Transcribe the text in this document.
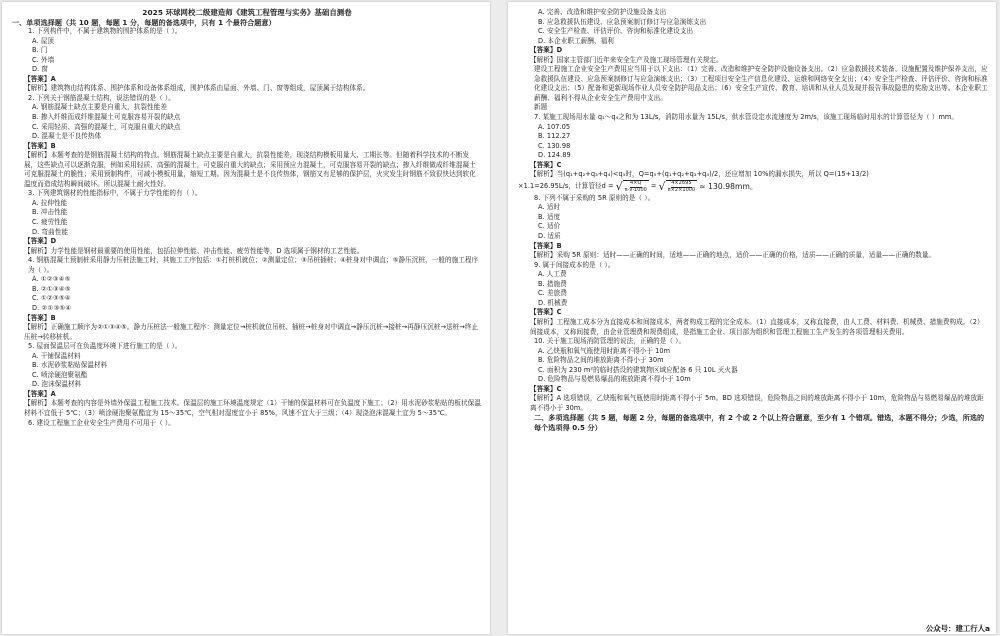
2025 环球网校二级建造师《建筑工程管理与实务》基础自测卷
一、单项选择题（共 10 题，每题 1 分，每题的备选项中，只有 1 个最符合题意）
1. 下列构件中，不属于建筑物的围护体系的是（ ）。
A. 屋顶
B. 门
C. 外墙
D. 窗
【答案】A
【解析】建筑物由结构体系、围护体系和设备体系组成，围护体系由屋面、外墙、门、窗等组成，屋顶属于结构体系。
2. 下列关于钢筋混凝土结构，说法错误的是（ ）。
A. 钢筋混凝土缺点主要是自重大，抗裂性能差
B. 掺入纤维而成纤维混凝土可克服容易开裂的缺点
C. 采用轻质、高强的混凝土，可克服自重大的缺点
D. 混凝土是不良传热体
【答案】B
【解析】本题考查的是钢筋混凝土结构的特点。钢筋混凝土缺点主要是自重大，抗裂性能差，现浇结构模板用量大、工期长等。但随着科学技术的不断发展，这些缺点可以逐渐克服，例如采用轻质、高强的混凝土，可克服自重大的缺点；采用预应力混凝土，可克服容易开裂的缺点；掺入纤维做成纤维混凝土可克服混凝土的脆性；采用预制构件，可减小模板用量，缩短工期。因为混凝土是不良传热体，钢筋又有足够的保护层，火灾发生时钢筋不致很快达到软化温度而造成结构瞬间破坏。所以混凝土耐火性好。
3. 下列建筑钢材的性能指标中，不属于力学性能的有（ ）。
A. 拉伸性能
B. 冲击性能
C. 疲劳性能
D. 弯曲性能
【答案】D
【解析】力学性能是钢材最重要的使用性能，包括拉伸性能、冲击性能、疲劳性能等，D 选项属于钢材的工艺性能。
4. 钢筋混凝土预制桩采用静力压桩法施工时，其施工工序包括：①打桩机就位；②测量定位；③吊桩插桩；④桩身对中调直；⑤静压沉桩，一般的施工程序为（ ）。
A. ①②③④⑤
B. ②①③④⑤
C. ①②③⑤④
D. ②①③⑤④
【答案】B
【解析】正确施工顺序为②①③④⑤。静力压桩法一般施工程序：测量定位→桩机就位吊桩、插桩→桩身对中调直→静压沉桩→接桩→再静压沉桩→送桩→终止压桩→转移桩机。
5. 屋面保温层可在负温度环境下进行施工的是（ ）。
A. 干铺保温材料
B. 水泥砂浆粘贴保温材料
C. 喷涂硬泡聚氨酯
D. 泡沫保温材料
【答案】A
【解析】本题考查的内容是外墙外保温工程施工技术。保温层的施工环境温度规定（1）干铺的保温材料可在负温度下施工；（2）用水泥砂浆粘贴的板状保温材料不宜低于 5℃；（3）喷涂硬泡聚氨酯宜为 15～35℃，空气相对湿度宜小于 85%，风速不宜大于三级；（4）现浇泡沫混凝土宜为 5～35℃。
6. 建设工程施工企业安全生产费用不可用于（ ）。
A. 完善、改造和维护安全防护设施设备支出
B. 应急救援队伍建设、应急预案制订修订与应急演练支出
C. 安全生产检查、评估评价、咨询和标准化建设支出
D. 本企业职工薪酬、福利
【答案】D
【解析】国家主管部门近年来安全生产及施工现场管理有关规定。
建设工程施工企业安全生产费用应当用于以下支出：（1）完善、改造和维护安全防护设施设备支出。（2）应急救援技术装备、设施配置及维护保养支出，应急救援队伍建设、应急预案制修订与应急演练支出；（3）工程项目安全生产信息化建设、运维和网络安全支出；（4）安全生产检查、评估评价、咨询和标准化建设支出；（5）配备和更新现场作业人员安全防护用品支出；（6）安全生产宣传、教育、培训和从业人员发现并报告事故隐患的奖励支出等。本企业职工薪酬、福利不得从企业安全生产费用中支出。
新题
7. 某施工现场用水量 q₁～q₄之和为 13L/s，消防用水量为 15L/s，供水管设定水流速度为 2m/s，该施工现场临时用水的计算管径为（ ）mm。
A. 107.05
B. 112.27
C. 130.98
D. 124.89
【答案】C
【解析】当(q₁+q₂+q₃+q₄)<q₅时，Q=q₅+(q₁+q₂+q₃+q₄)/2，还应增加 10%的漏水损失，所以 Q=(15+13/2)
×1.1=26.95L/s，计算管径d = √ $\frac{4\times Q}{\pi\cdot v\cdot 1000}$ = √ $\frac{4\times 2695}{\pi\times 2\times 1000} \approx 130.98mm$。
8. 下列不属于采购的 5R 原则的是（ ）。
A. 适时
B. 适度
C. 适价
D. 适质
【答案】B
【解析】采购 5R 原则：适时——正确的时间，适地——正确的地点，适价——正确的价格，适质——正确的质量，适量——正确的数量。
9. 属于间接成本的是（ ）。
A. 人工费
B. 措施费
C. 差旅费
D. 机械费
【答案】C
【解析】工程施工成本分为直接成本和间接成本，两者构成工程的完全成本。（1）直接成本，又称直接费，由人工费、材料费、机械费、措施费构成。（2）间接成本，又称间接费，由企业管理费和规费组成，是指施工企业、项目部为组织和管理工程施工生产发生的各项管理相关费用。
10. 关于施工现场消防管理的说法，正确的是（ ）。
A. 乙炔瓶和氧气瓶使用时距离不得小于 10m
B. 危险物品之间的堆放距离不得小于 30m
C. 面积为 230 m²的临时搭设的建筑物区域应配备 6 只 10L 灭火器
D. 危险物品与易燃易爆品的堆放距离不得小于 10m
【答案】C
【解析】A 选项错误，乙炔瓶和氧气瓶使用时距离不得小于 5m。BD 选项错误，危险物品之间的堆放距离不得小于 10m，危险物品与易燃易爆品的堆放距离不得小于 30m。
二、多项选择题（共 5 题，每题 2 分，每题的备选项中，有 2 个或 2 个以上符合题意，至少有 1 个错项。错选，本题不得分；少选，所选的每个选项得 0.5 分）
公众号：建工行人a
